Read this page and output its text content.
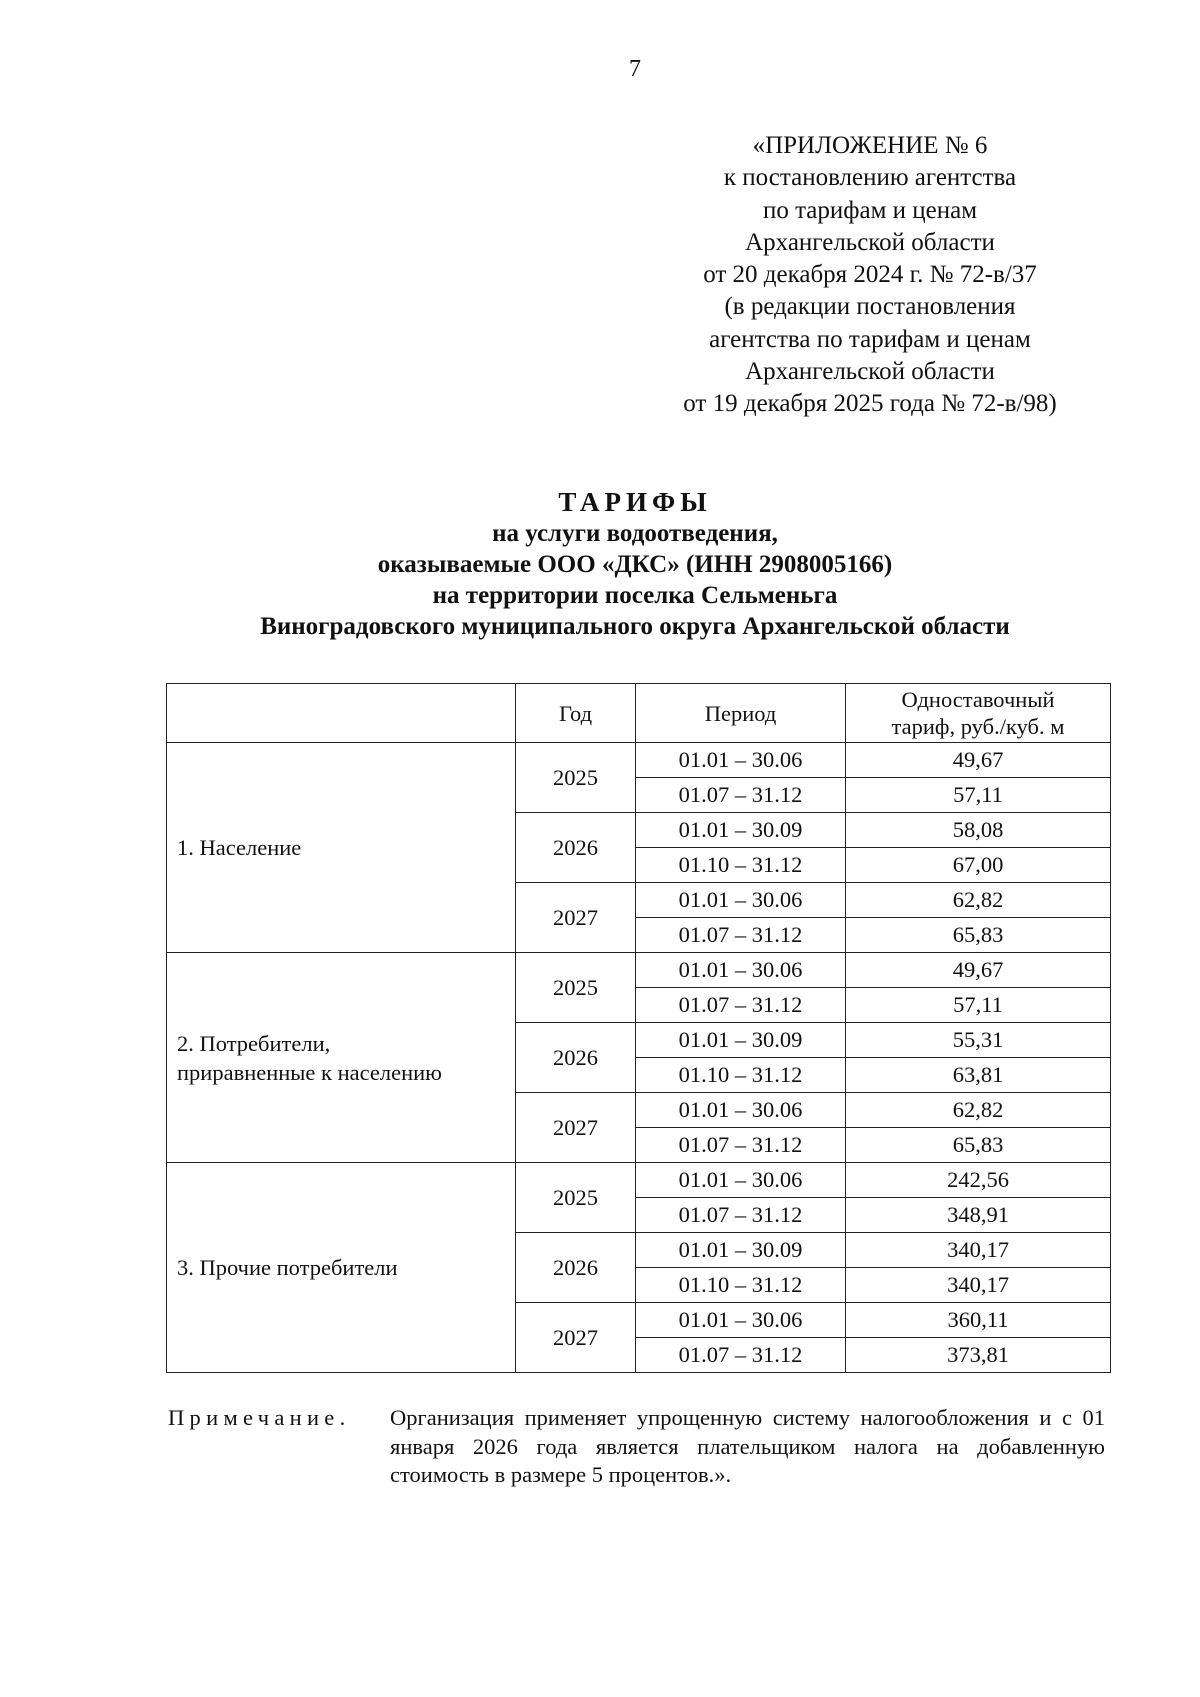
7
«ПРИЛОЖЕНИЕ № 6
к постановлению агентства
по тарифам и ценам
Архангельской области
от 20 декабря 2024 г. № 72-в/37
(в редакции постановления
агентства по тарифам и ценам
Архангельской области
от 19 декабря 2025 года № 72-в/98)
ТАРИФЫ
на услуги водоотведения,
оказываемые ООО «ДКС» (ИНН 2908005166)
на территории поселка Сельменьга
Виноградовского муниципального округа Архангельской области
	Год	Период	Одноставочный
тариф, руб./куб. м

1. Население	2025	01.01 – 30.06	49,67
		01.07 – 31.12	57,11
	2026	01.01 – 30.09	58,08
		01.10 – 31.12	67,00
	2027	01.01 – 30.06	62,82
		01.07 – 31.12	65,83

2. Потребители,
приравненные к населению	2025	01.01 – 30.06	49,67
		01.07 – 31.12	57,11
	2026	01.01 – 30.09	55,31
		01.10 – 31.12	63,81
	2027	01.01 – 30.06	62,82
		01.07 – 31.12	65,83

3. Прочие потребители	2025	01.01 – 30.06	242,56
		01.07 – 31.12	348,91
	2026	01.01 – 30.09	340,17
		01.10 – 31.12	340,17
	2027	01.01 – 30.06	360,11
		01.07 – 31.12	373,81
Примечание. Организация применяет упрощенную систему налогообложения и с 01 января 2026 года является плательщиком налога на добавленную стоимость в размере 5 процентов.».
